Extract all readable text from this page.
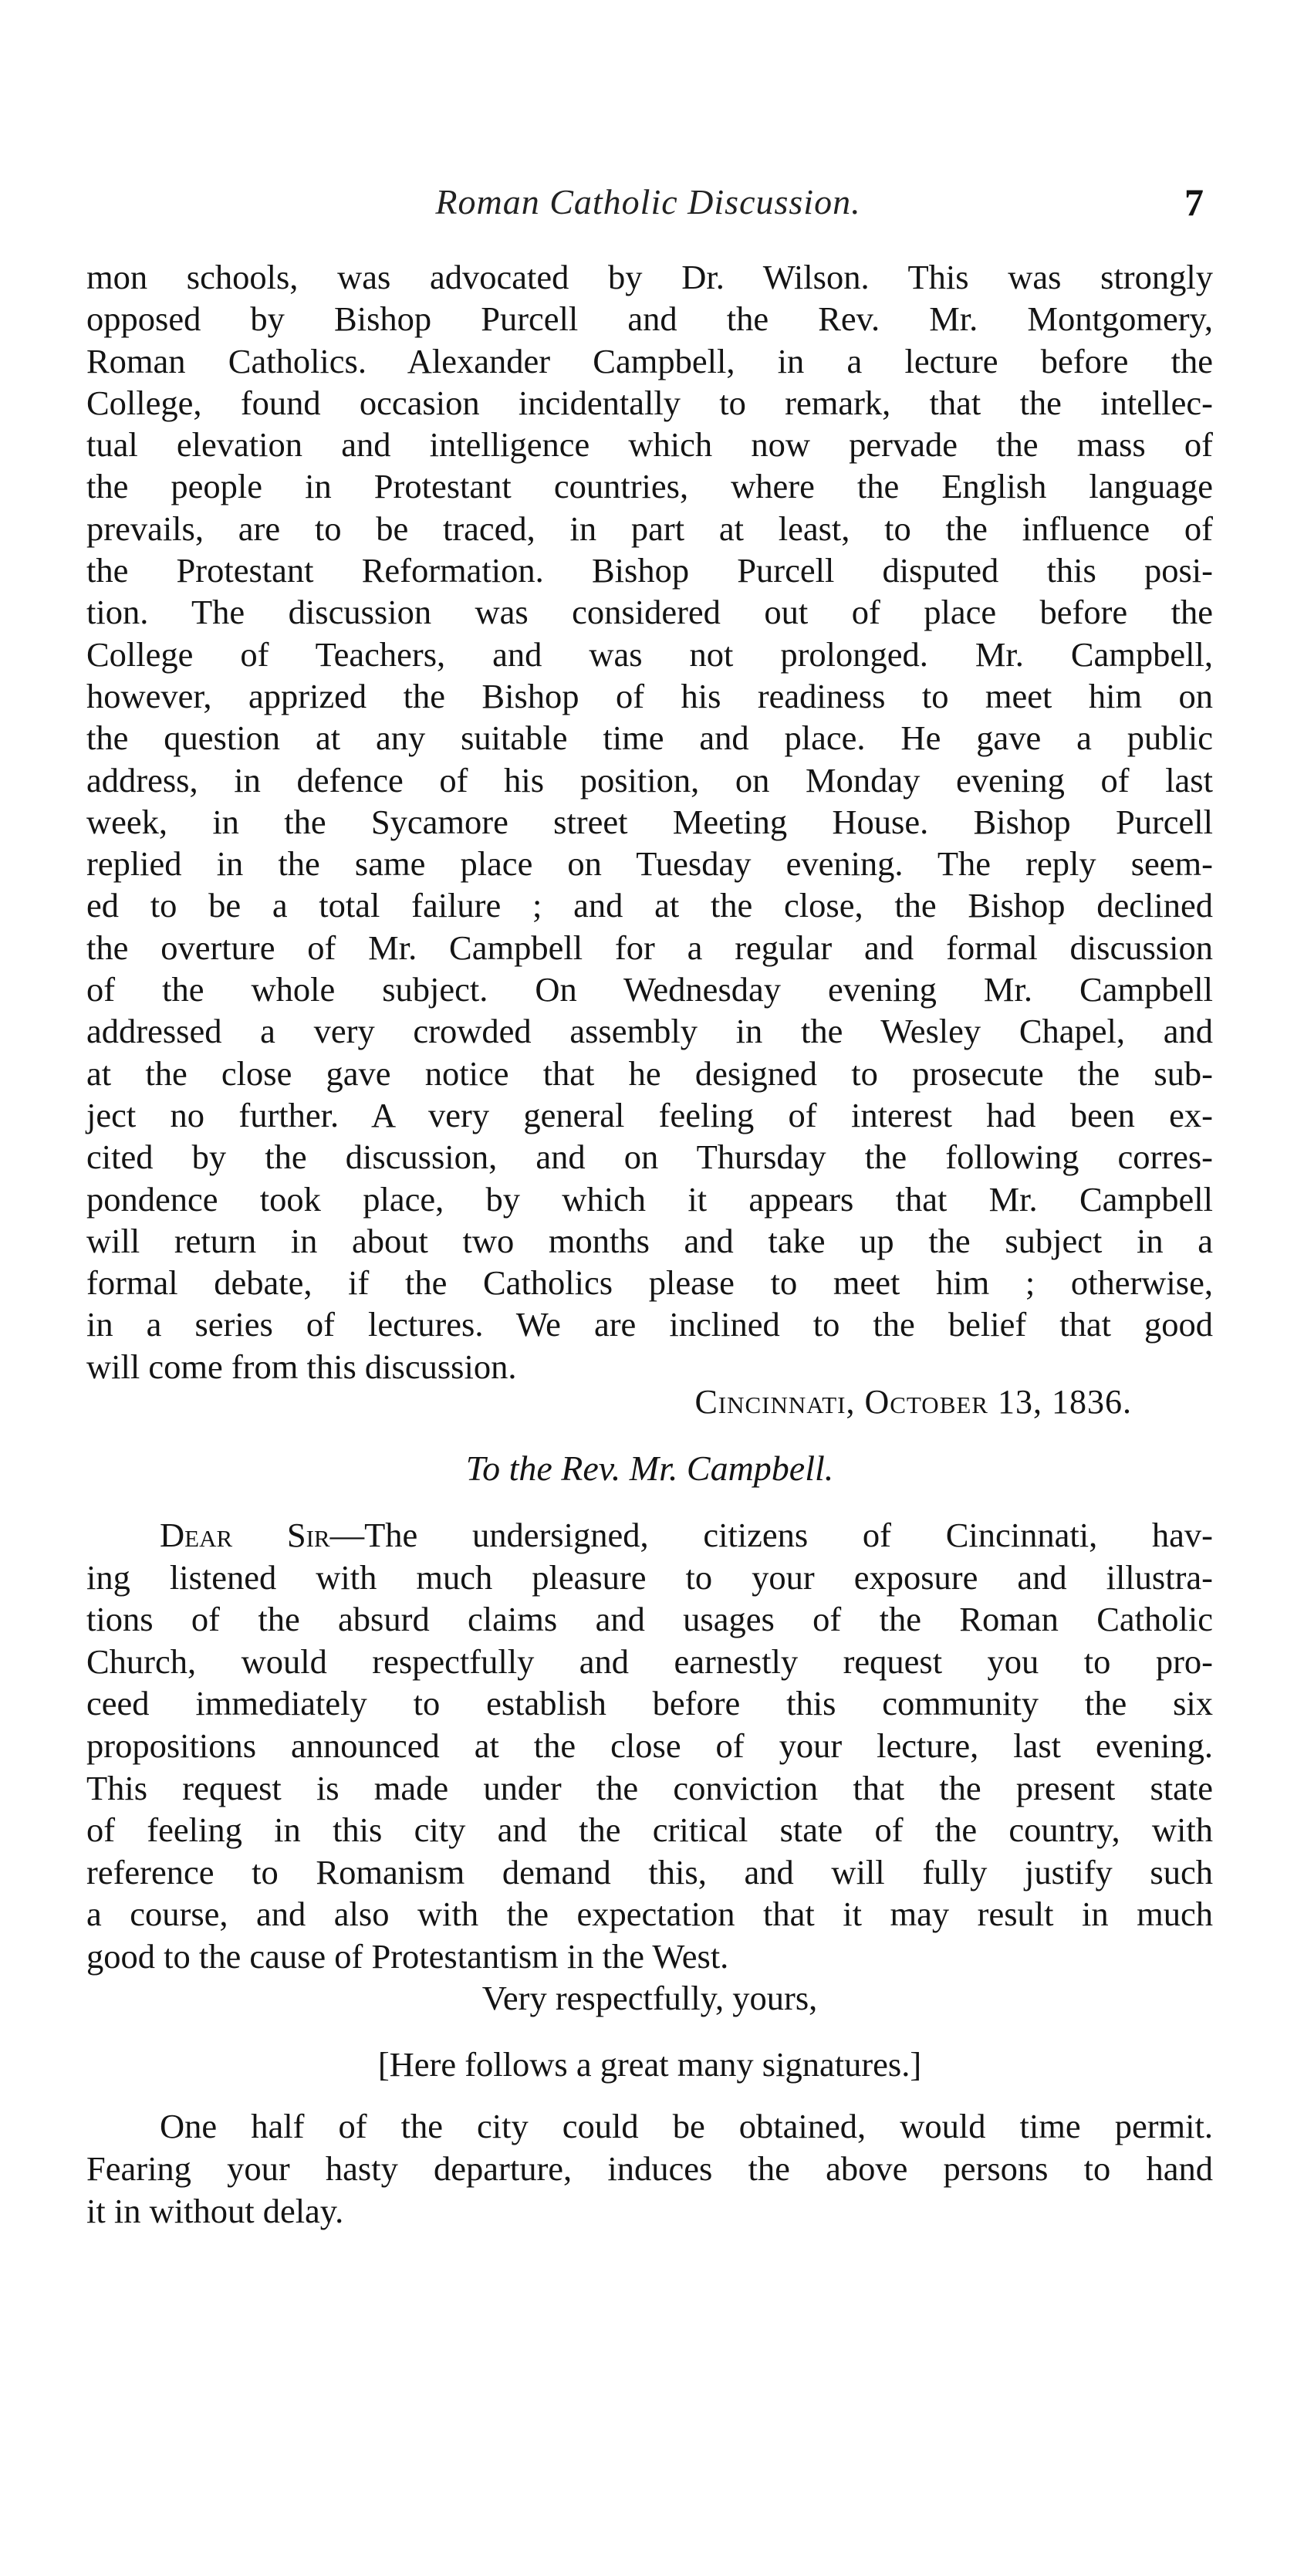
Roman Catholic Discussion.	7
mon schools, was advocated by Dr. Wilson. This was strongly
opposed by Bishop Purcell and the Rev. Mr. Montgomery,
Roman Catholics. Alexander Campbell, in a lecture before the
College, found occasion incidentally to remark, that the intellec-
tual elevation and intelligence which now pervade the mass of
the people in Protestant countries, where the English language
prevails, are to be traced, in part at least, to the influence of
the Protestant Reformation. Bishop Purcell disputed this posi-
tion. The discussion was considered out of place before the
College of Teachers, and was not prolonged. Mr. Campbell,
however, apprized the Bishop of his readiness to meet him on
the question at any suitable time and place. He gave a public
address, in defence of his position, on Monday evening of last
week, in the Sycamore street Meeting House. Bishop Purcell
replied in the same place on Tuesday evening. The reply seem-
ed to be a total failure ; and at the close, the Bishop declined
the overture of Mr. Campbell for a regular and formal discussion
of the whole subject. On Wednesday evening Mr. Campbell
addressed a very crowded assembly in the Wesley Chapel, and
at the close gave notice that he designed to prosecute the sub-
ject no further. A very general feeling of interest had been ex-
cited by the discussion, and on Thursday the following corres-
pondence took place, by which it appears that Mr. Campbell
will return in about two months and take up the subject in a
formal debate, if the Catholics please to meet him ; otherwise,
in a series of lectures. We are inclined to the belief that good
will come from this discussion.
Cincinnati, October 13, 1836.
To the Rev. Mr. Campbell.
Dear Sir—The undersigned, citizens of Cincinnati, hav-
ing listened with much pleasure to your exposure and illustra-
tions of the absurd claims and usages of the Roman Catholic
Church, would respectfully and earnestly request you to pro-
ceed immediately to establish before this community the six
propositions announced at the close of your lecture, last evening.
This request is made under the conviction that the present state
of feeling in this city and the critical state of the country, with
reference to Romanism demand this, and will fully justify such
a course, and also with the expectation that it may result in much
good to the cause of Protestantism in the West.
Very respectfully, yours,
[Here follows a great many signatures.]
One half of the city could be obtained, would time permit.
Fearing your hasty departure, induces the above persons to hand
it in without delay.
